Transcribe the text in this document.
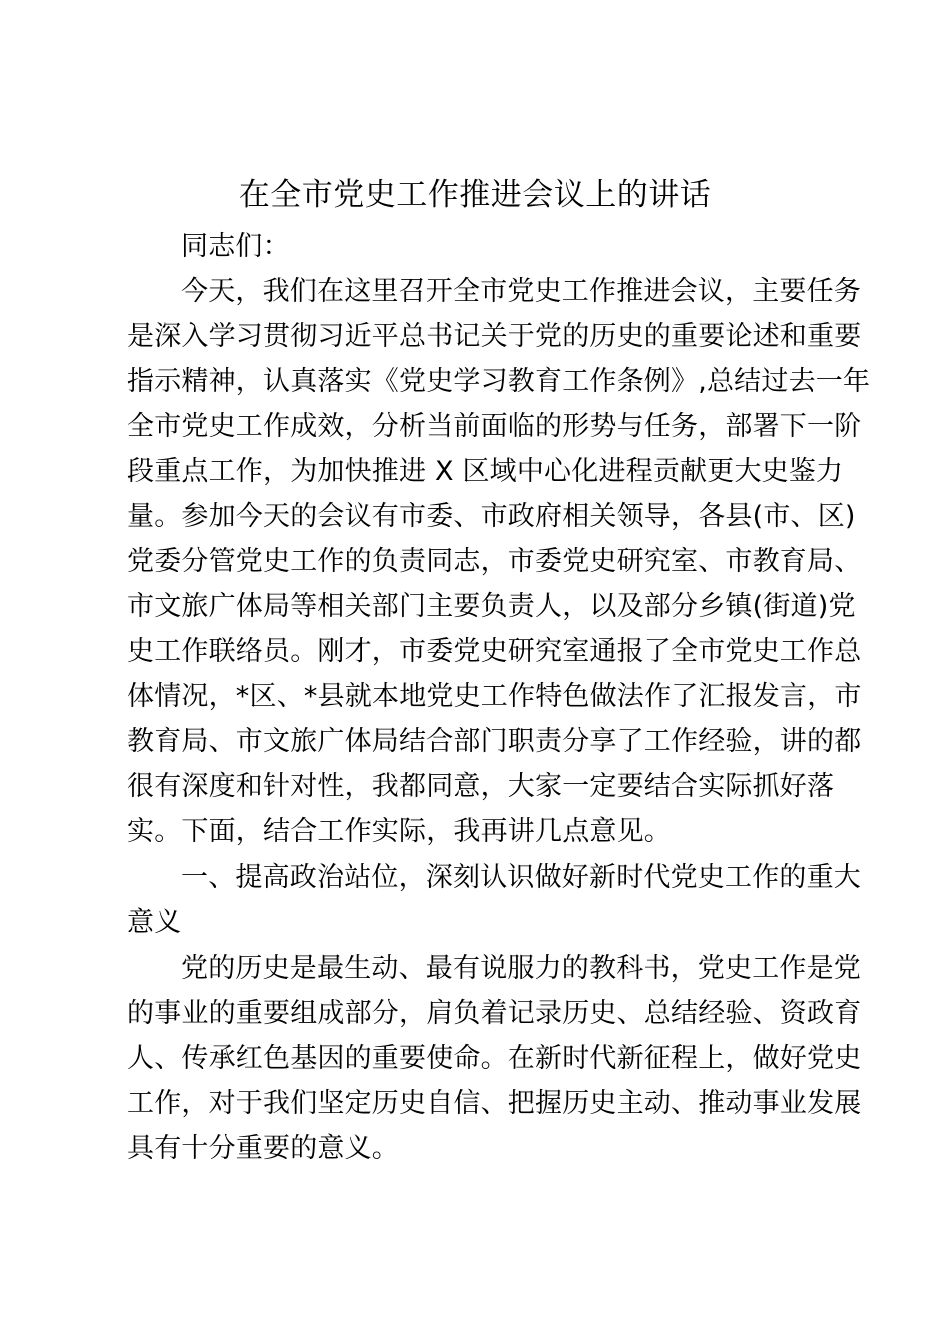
在全市党史工作推进会议上的讲话
同志们：
今天，我们在这里召开全市党史工作推进会议，主要任务
是深入学习贯彻习近平总书记关于党的历史的重要论述和重要
指示精神，认真落实《党史学习教育工作条例》,总结过去一年
全市党史工作成效，分析当前面临的形势与任务，部署下一阶
段重点工作，为加快推进 X 区域中心化进程贡献更大史鉴力
量。参加今天的会议有市委、市政府相关领导，各县(市、区)
党委分管党史工作的负责同志，市委党史研究室、市教育局、
市文旅广体局等相关部门主要负责人，以及部分乡镇(街道)党
史工作联络员。刚才，市委党史研究室通报了全市党史工作总
体情况，*区、*县就本地党史工作特色做法作了汇报发言，市
教育局、市文旅广体局结合部门职责分享了工作经验，讲的都
很有深度和针对性，我都同意，大家一定要结合实际抓好落
实。下面，结合工作实际，我再讲几点意见。
一、提高政治站位，深刻认识做好新时代党史工作的重大
意义
党的历史是最生动、最有说服力的教科书，党史工作是党
的事业的重要组成部分，肩负着记录历史、总结经验、资政育
人、传承红色基因的重要使命。在新时代新征程上，做好党史
工作，对于我们坚定历史自信、把握历史主动、推动事业发展
具有十分重要的意义。
